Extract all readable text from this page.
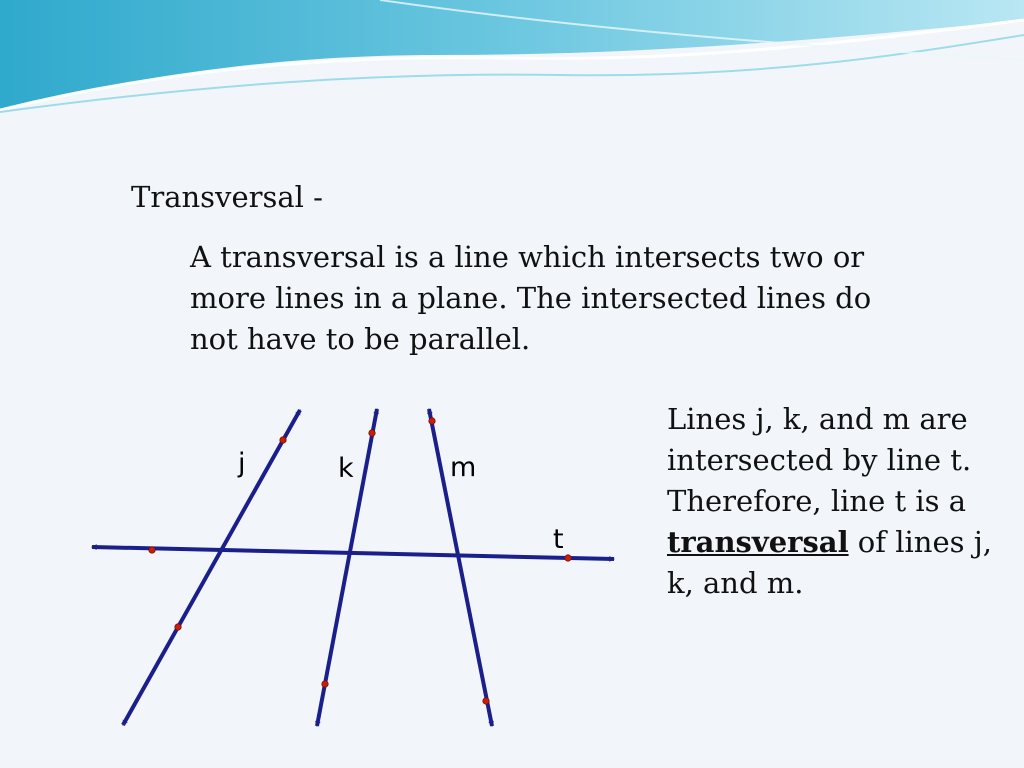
Transversal -
A transversal is a line which intersects two or more lines in a plane. The intersected lines do not have to be parallel.
Lines j, k, and m are intersected by line t. Therefore, line t is a transversal of lines j, k, and m.
j	k	m
t
